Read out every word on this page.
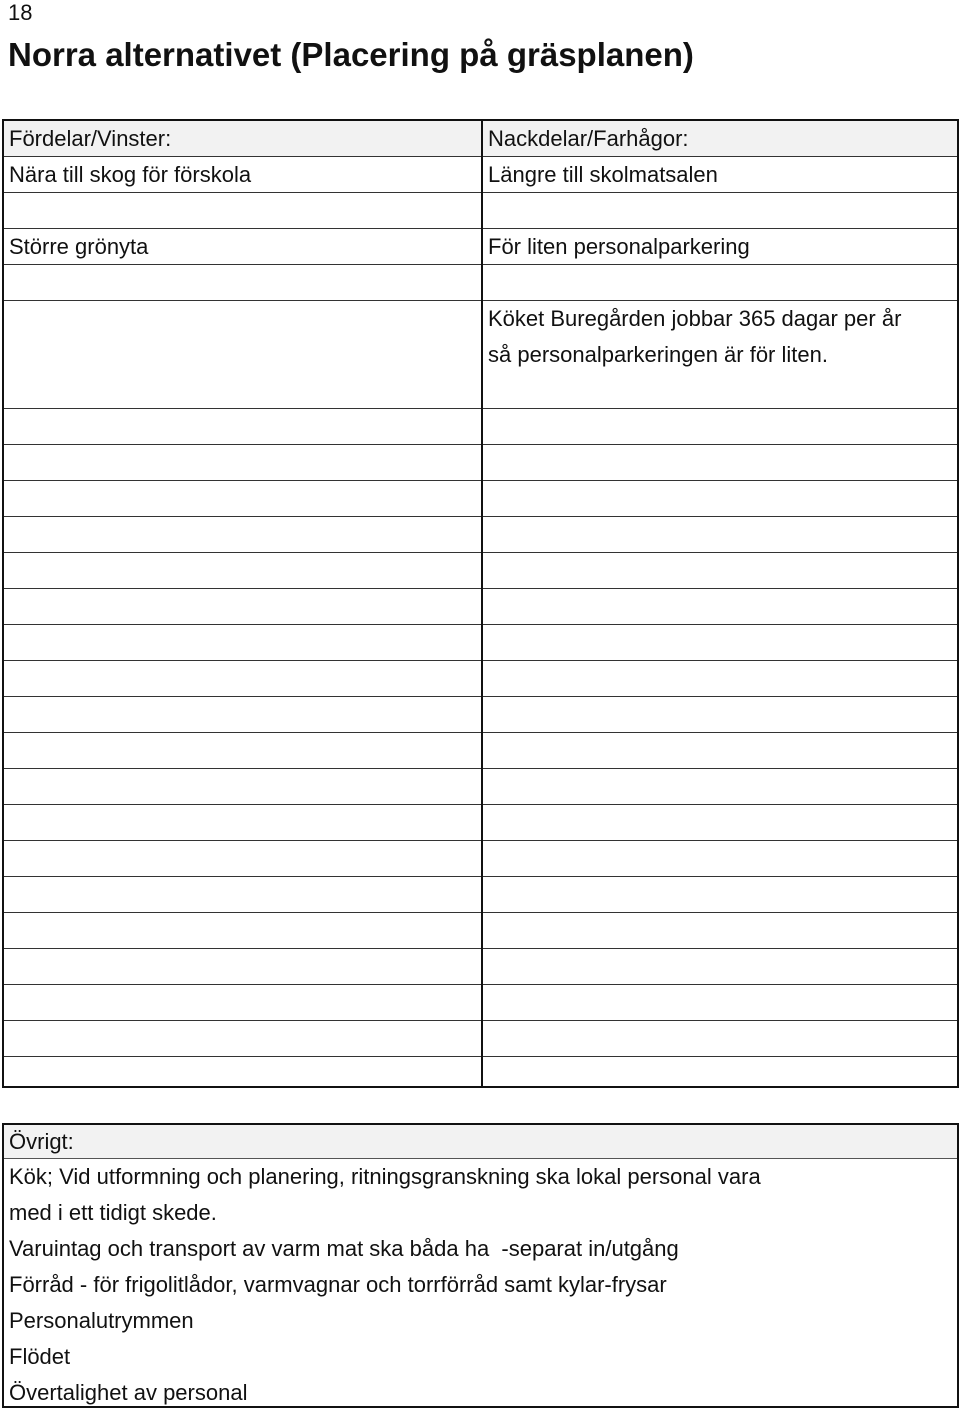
18
Norra alternativet (Placering på gräsplanen)
Fördelar/Vinster:
Nära till skog för förskola
Större grönyta
Nackdelar/Farhågor:
Längre till skolmatsalen
För liten personalparkering
Köket Buregården jobbar 365 dagar per år så personalparkeringen är för liten.
Övrigt:
Kök; Vid utformning och planering, ritningsgranskning ska lokal personal vara
med i ett tidigt skede.
Varuintag och transport av varm mat ska båda ha  -separat in/utgång
Förråd - för frigolitlådor, varmvagnar och torrförråd samt kylar-frysar
Personalutrymmen
Flödet
Övertalighet av personal
